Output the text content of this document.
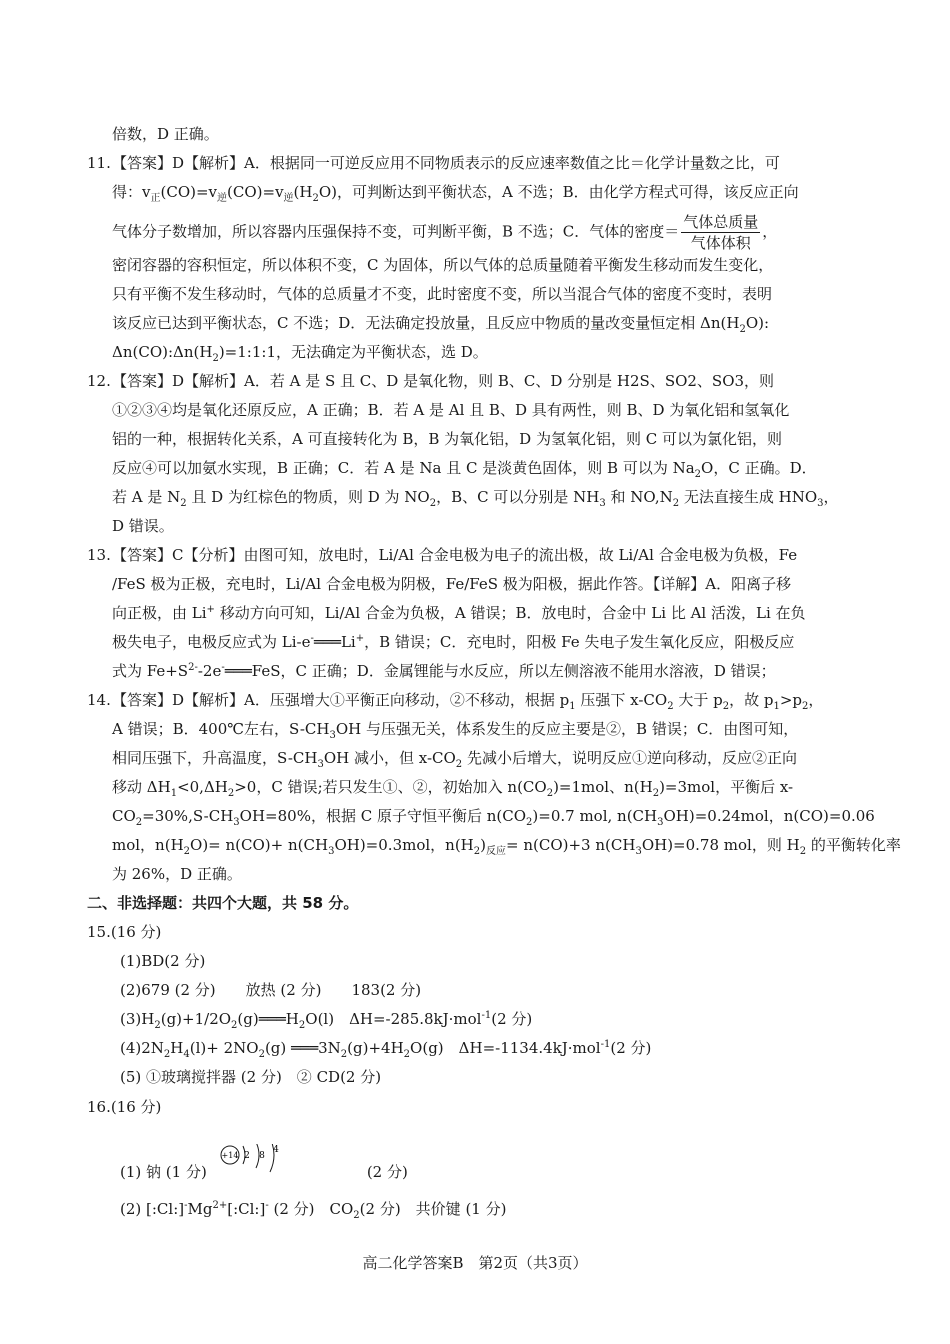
倍数，D 正确。
11. 【答案】D【解析】A．根据同一可逆反应用不同物质表示的反应速率数值之比＝化学计量数之比，可
得：$v_正(CO)=v_逆(CO)=v_逆(H_2O)$，可判断达到平衡状态，A 不选；B．由化学方程式可得，该反应正向
气体分子数增加，所以容器内压强保持不变，可判断平衡，B 不选；C．气体的密度＝ $\frac{\text{气体总质量}}{\text{气体体积}}$ ，
密闭容器的容积恒定，所以体积不变，C 为固体，所以气体的总质量随着平衡发生移动而发生变化，
只有平衡不发生移动时，气体的总质量才不变，此时密度不变，所以当混合气体的密度不变时，表明
该反应已达到平衡状态，C 不选；D．无法确定投放量，且反应中物质的量改变量恒定相 $\Delta n(H_2O)$:
$\Delta n(CO):\Delta n(H_2)=1:1:1$，无法确定为平衡状态，选 D。
12. 【答案】D【解析】A．若 A 是 S 且 C、D 是氧化物，则 B、C、D 分别是 H2S、SO2、SO3，则
①②③④均是氧化还原反应，A 正确；B．若 A 是 Al 且 B、D 具有两性，则 B、D 为氧化铝和氢氧化
铝的一种，根据转化关系，A 可直接转化为 B，B 为氧化铝，D 为氢氧化铝，则 C 可以为氯化铝，则
反应④可以加氨水实现，B 正确；C．若 A 是 Na 且 C 是淡黄色固体，则 B 可以为 $Na_2O$，C 正确。D．
若 A 是 $N_2$ 且 D 为红棕色的物质，则 D 为 $NO_2$，B、C 可以分别是 $NH_3$ 和 $NO,N_2$ 无法直接生成 $HNO_3$，
D 错误。
13. 【答案】C【分析】由图可知，放电时，Li/Al 合金电极为电子的流出极，故 Li/Al 合金电极为负极，Fe
/FeS 极为正极，充电时，Li/Al 合金电极为阴极，Fe/FeS 极为阳极，据此作答。【详解】A．阳离子移
向正极，由 Li+ 移动方向可知，Li/Al 合金为负极，A 错误；B．放电时，合金中 Li 比 Al 活泼，Li 在负
极失电子，电极反应式为 Li-e-═══Li+，B 错误；C．充电时，阳极 Fe 失电子发生氧化反应，阳极反应
式为 $Fe+S^{2-}-2e^-═══FeS$，C 正确；D．金属锂能与水反应，所以左侧溶液不能用水溶液，D 错误；
14. 【答案】D【解析】A．压强增大①平衡正向移动，②不移动，根据 $p_1$ 压强下 $x-CO_2$ 大于 $p_2$，故 $p_1>p_2$，
A 错误；B．400℃左右，$S-CH_3OH$ 与压强无关，体系发生的反应主要是②，B 错误；C．由图可知，
相同压强下，升高温度，$S-CH_3OH$ 减小，但 $x-CO_2$ 先减小后增大，说明反应①逆向移动，反应②正向
移动 $\Delta H_1<0,\Delta H_2>0$，C 错误;若只发生①、②，初始加入 $n(CO_2)=1mol$、$n(H_2)=3mol$，平衡后 x-
$CO_2=30\%,S-CH_3OH=80\%$，根据 C 原子守恒平衡后 $n(CO_2)=0.7$ mol, $n(CH_3OH)=0.24mol$，n(CO)=0.06
mol，$n(H_2O)= n(CO)+ n(CH_3OH)=0.3mol$，$n(H_2)_{反应}= n(CO)+3$ $n(CH_3OH)=0.78$ mol，则 $H_2$ 的平衡转化率
为 26%，D 正确。
二、非选择题：共四个大题，共 58 分。
15.(16 分)
(1)BD(2 分)
(2)679 (2 分)　　放热 (2 分)　　183(2 分)
$(3)H_2(g)+1/2O_2(g)═══H_2O(l)$　ΔH=-285.8kJ·mol$^{-1}$(2 分)
$(4)2N_2H_4(l)+ 2NO_2(g)$ $═══3N_2(g)+4H_2O(g)$　ΔH=-1134.4kJ·mol$^{-1}$(2 分)
(5) ①玻璃搅拌器 (2 分)　② CD(2 分)
16.(16 分)
(1) 钠 (1 分)	(2 分)
+14 2 8
4
(2) $[:Cl:]^-Mg^{2+}[:Cl:]^-$ (2 分)　$CO_2(2$ 分)　共价键 (1 分)
高二化学答案B　第2页（共3页）
